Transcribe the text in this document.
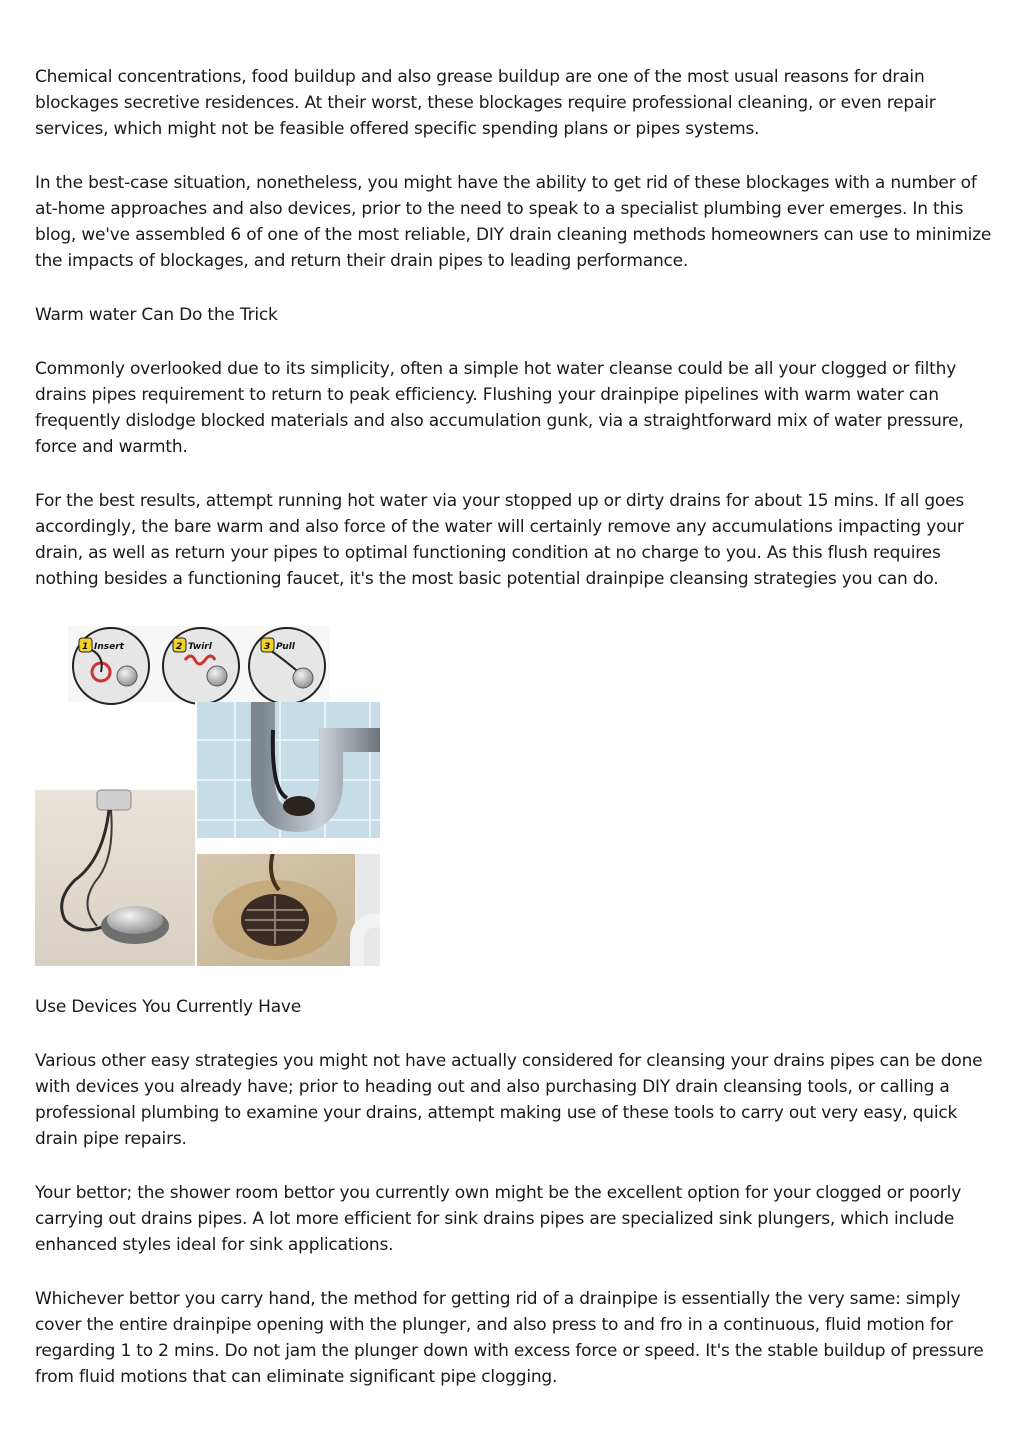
Chemical concentrations, food buildup and also grease buildup are one of the most usual reasons for drain blockages secretive residences. At their worst, these blockages require professional cleaning, or even repair services, which might not be feasible offered specific spending plans or pipes systems.

In the best-case situation, nonetheless, you might have the ability to get rid of these blockages with a number of at-home approaches and also devices, prior to the need to speak to a specialist plumbing ever emerges. In this blog, we've assembled 6 of one of the most reliable, DIY drain cleaning methods homeowners can use to minimize the impacts of blockages, and return their drain pipes to leading performance.

Warm water Can Do the Trick

Commonly overlooked due to its simplicity, often a simple hot water cleanse could be all your clogged or filthy drains pipes requirement to return to peak efficiency. Flushing your drainpipe pipelines with warm water can frequently dislodge blocked materials and also accumulation gunk, via a straightforward mix of water pressure, force and warmth.

For the best results, attempt running hot water via your stopped up or dirty drains for about 15 mins. If all goes accordingly, the bare warm and also force of the water will certainly remove any accumulations impacting your drain, as well as return your pipes to optimal functioning condition at no charge to you. As this flush requires nothing besides a functioning faucet, it's the most basic potential drainpipe cleansing strategies you can do.

1 Insert	2 Twirl	3 Pull

Use Devices You Currently Have

Various other easy strategies you might not have actually considered for cleansing your drains pipes can be done with devices you already have; prior to heading out and also purchasing DIY drain cleansing tools, or calling a professional plumbing to examine your drains, attempt making use of these tools to carry out very easy, quick drain pipe repairs.

Your bettor; the shower room bettor you currently own might be the excellent option for your clogged or poorly carrying out drains pipes. A lot more efficient for sink drains pipes are specialized sink plungers, which include enhanced styles ideal for sink applications.

Whichever bettor you carry hand, the method for getting rid of a drainpipe is essentially the very same: simply cover the entire drainpipe opening with the plunger, and also press to and fro in a continuous, fluid motion for regarding 1 to 2 mins. Do not jam the plunger down with excess force or speed. It's the stable buildup of pressure from fluid motions that can eliminate significant pipe clogging.
